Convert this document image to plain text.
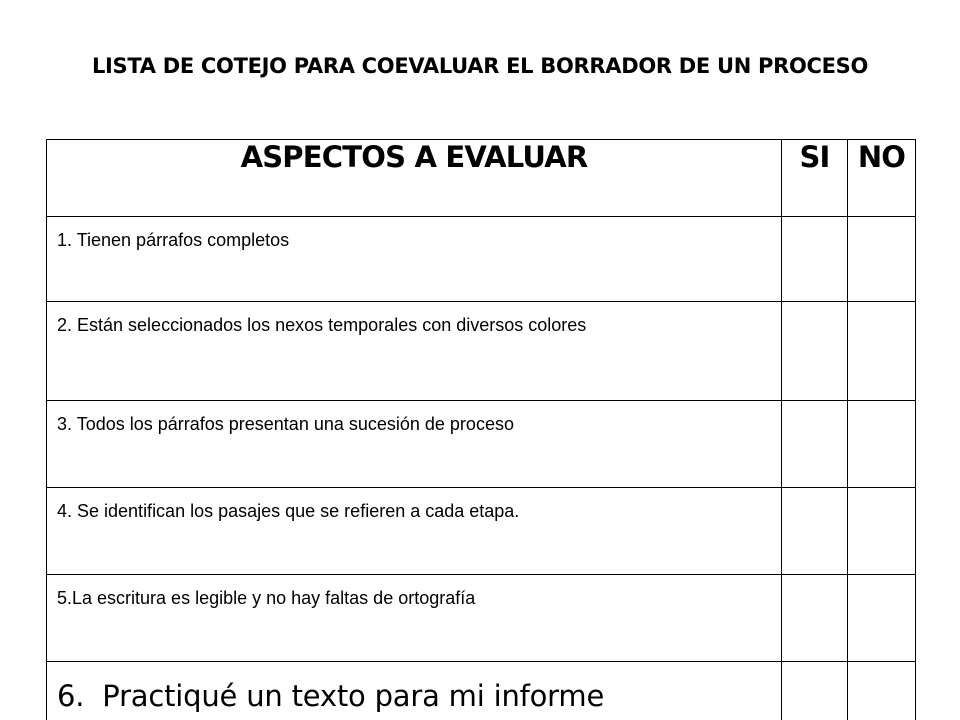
LISTA DE COTEJO PARA COEVALUAR EL BORRADOR DE UN PROCESO
ASPECTOS A EVALUAR	SI	NO
1. Tienen párrafos completos		
2. Están seleccionados los nexos temporales con diversos colores		
3. Todos los párrafos presentan una sucesión de proceso		
4. Se identifican los pasajes que se refieren a cada etapa.		
5.La escritura es legible y no hay faltas de ortografía		
6.  Practiqué un texto para mi informe		
